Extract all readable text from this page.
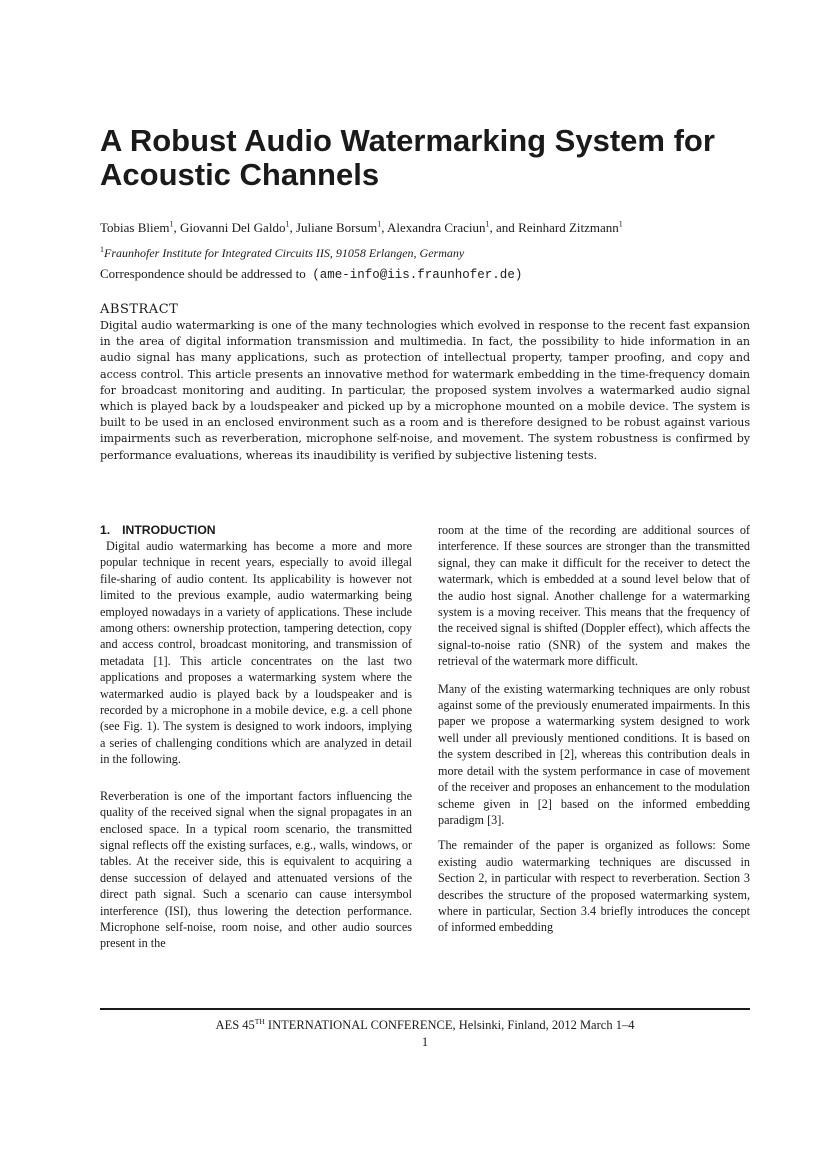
A Robust Audio Watermarking System for Acoustic Channels
Tobias Bliem$^1$, Giovanni Del Galdo$^1$, Juliane Borsum$^1$, Alexandra Craciun$^1$, and Reinhard Zitzmann$^1$
$^1$Fraunhofer Institute for Integrated Circuits IIS, 91058 Erlangen, Germany
Correspondence should be addressed to (ame-info@iis.fraunhofer.de)
ABSTRACT

Digital audio watermarking is one of the many technologies which evolved in response to the recent fast expansion in the area of digital information transmission and multimedia. In fact, the possibility to hide information in an audio signal has many applications, such as protection of intellectual property, tamper proofing, and copy and access control. This article presents an innovative method for watermark embedding in the time-frequency domain for broadcast monitoring and auditing. In particular, the proposed system involves a watermarked audio signal which is played back by a loudspeaker and picked up by a microphone mounted on a mobile device. The system is built to be used in an enclosed environment such as a room and is therefore designed to be robust against various impairments such as reverberation, microphone self-noise, and movement. The system robustness is confirmed by performance evaluations, whereas its inaudibility is verified by subjective listening tests.

1. INTRODUCTION

Digital audio watermarking has become a more and more popular technique in recent years, especially to avoid illegal file-sharing of audio content. Its applicability is however not limited to the previous example, audio watermarking being employed nowadays in a variety of applications. These include among others: ownership protection, tampering detection, copy and access control, broadcast monitoring, and transmission of metadata [1]. This article concentrates on the last two applications and proposes a watermarking system where the watermarked audio is played back by a loudspeaker and is recorded by a microphone in a mobile device, e.g. a cell phone (see Fig. 1). The system is designed to work indoors, implying a series of challenging conditions which are analyzed in detail in the following.

Reverberation is one of the important factors influencing the quality of the received signal when the signal propagates in an enclosed space. In a typical room scenario, the transmitted signal reflects off the existing surfaces, e.g., walls, windows, or tables. At the receiver side, this is equivalent to acquiring a dense succession of delayed and attenuated versions of the direct path signal. Such a scenario can cause intersymbol interference (ISI), thus lowering the detection performance. Microphone self-noise, room noise, and other audio sources present in the

room at the time of the recording are additional sources of interference. If these sources are stronger than the transmitted signal, they can make it difficult for the receiver to detect the watermark, which is embedded at a sound level below that of the audio host signal. Another challenge for a watermarking system is a moving receiver. This means that the frequency of the received signal is shifted (Doppler effect), which affects the signal-to-noise ratio (SNR) of the system and makes the retrieval of the watermark more difficult.

Many of the existing watermarking techniques are only robust against some of the previously enumerated impairments. In this paper we propose a watermarking system designed to work well under all previously mentioned conditions. It is based on the system described in [2], whereas this contribution deals in more detail with the system performance in case of movement of the receiver and proposes an enhancement to the modulation scheme given in [2] based on the informed embedding paradigm [3].

The remainder of the paper is organized as follows: Some existing audio watermarking techniques are discussed in Section 2, in particular with respect to reverberation. Section 3 describes the structure of the proposed watermarking system, where in particular, Section 3.4 briefly introduces the concept of informed embedding

AES 45TH INTERNATIONAL CONFERENCE, Helsinki, Finland, 2012 March 1–4
1
